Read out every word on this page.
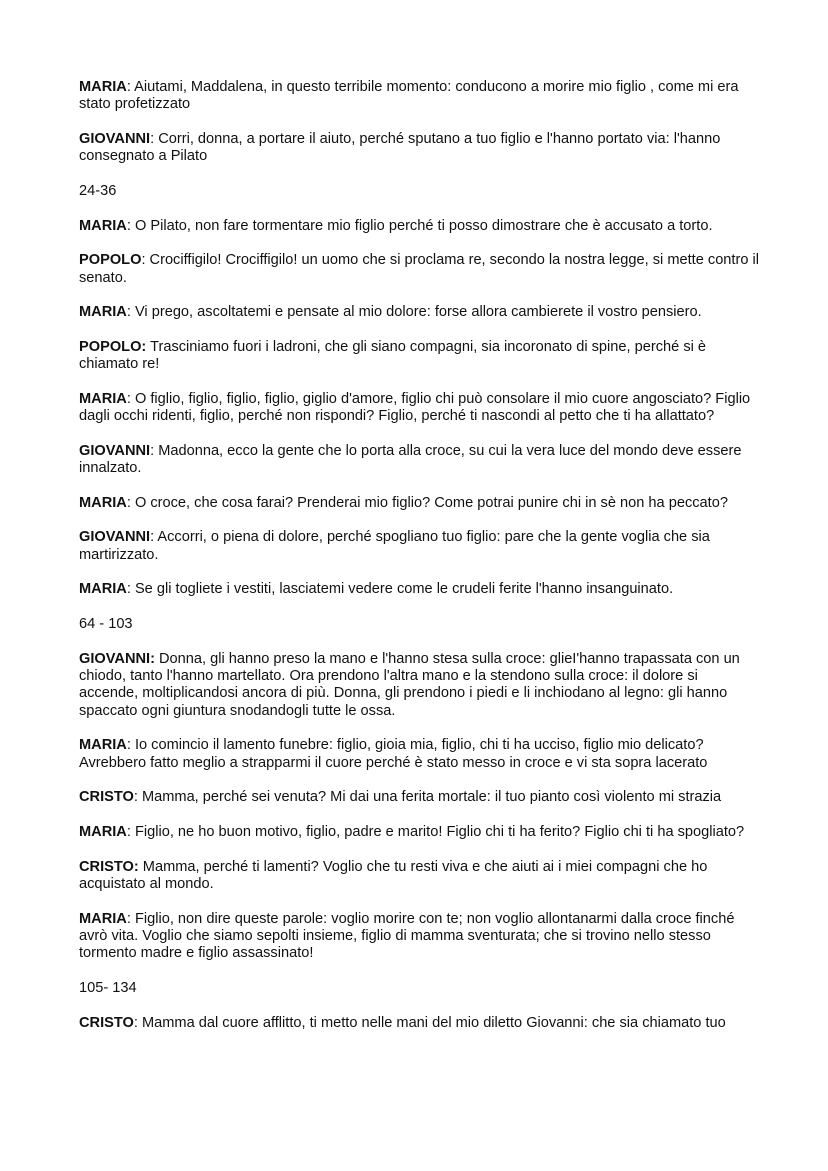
MARIA: Aiutami, Maddalena, in questo terribile momento: conducono a morire mio figlio , come mi era stato profetizzato

GIOVANNI: Corri, donna, a portare il aiuto, perché sputano a tuo figlio e l'hanno portato via: l'hanno consegnato a Pilato

24-36

MARIA: O Pilato, non fare tormentare mio figlio perché ti posso dimostrare che è accusato a torto.

POPOLO: Crociffigilo! Crociffigilo! un uomo che si proclama re, secondo la nostra legge, si mette contro il senato.

MARIA: Vi prego, ascoltatemi e pensate al mio dolore: forse allora cambierete il vostro pensiero.

POPOLO: Trasciniamo fuori i ladroni, che gli siano compagni, sia incoronato di spine, perché si è chiamato re!

MARIA: O figlio, figlio, figlio, figlio, giglio d'amore, figlio chi può consolare il mio cuore angosciato? Figlio dagli occhi ridenti, figlio, perché non rispondi? Figlio, perché ti nascondi al petto che ti ha allattato?

GIOVANNI: Madonna, ecco la gente che lo porta alla croce, su cui la vera luce del mondo deve essere innalzato.

MARIA: O croce, che cosa farai? Prenderai mio figlio? Come potrai punire chi in sè non ha peccato?

GIOVANNI: Accorri, o piena di dolore, perché spogliano tuo figlio: pare che la gente voglia che sia martirizzato.

MARIA: Se gli togliete i vestiti, lasciatemi vedere come le crudeli ferite l'hanno insanguinato.

64 - 103

GIOVANNI: Donna, gli hanno preso la mano e l'hanno stesa sulla croce: glieI'hanno trapassata con un chiodo, tanto l'hanno martellato. Ora prendono l'altra mano e la stendono sulla croce: il dolore si accende, moltiplicandosi ancora di più. Donna, gli prendono i piedi e li inchiodano al legno: gli hanno spaccato ogni giuntura snodandogli tutte le ossa.

MARIA: Io comincio il lamento funebre: figlio, gioia mia, figlio, chi ti ha ucciso, figlio mio delicato? Avrebbero fatto meglio a strapparmi il cuore perché è stato messo in croce e vi sta sopra lacerato

CRISTO: Mamma, perché sei venuta? Mi dai una ferita mortale: il tuo pianto così violento mi strazia

MARIA: Figlio, ne ho buon motivo, figlio, padre e marito! Figlio chi ti ha ferito? Figlio chi ti ha spogliato?

CRISTO: Mamma, perché ti lamenti? Voglio che tu resti viva e che aiuti ai i miei compagni che ho acquistato al mondo.

MARIA: Figlio, non dire queste parole: voglio morire con te; non voglio allontanarmi dalla croce finché avrò vita. Voglio che siamo sepolti insieme, figlio di mamma sventurata; che si trovino nello stesso tormento madre e figlio assassinato!

105- 134

CRISTO: Mamma dal cuore afflitto, ti metto nelle mani del mio diletto Giovanni: che sia chiamato tuo
